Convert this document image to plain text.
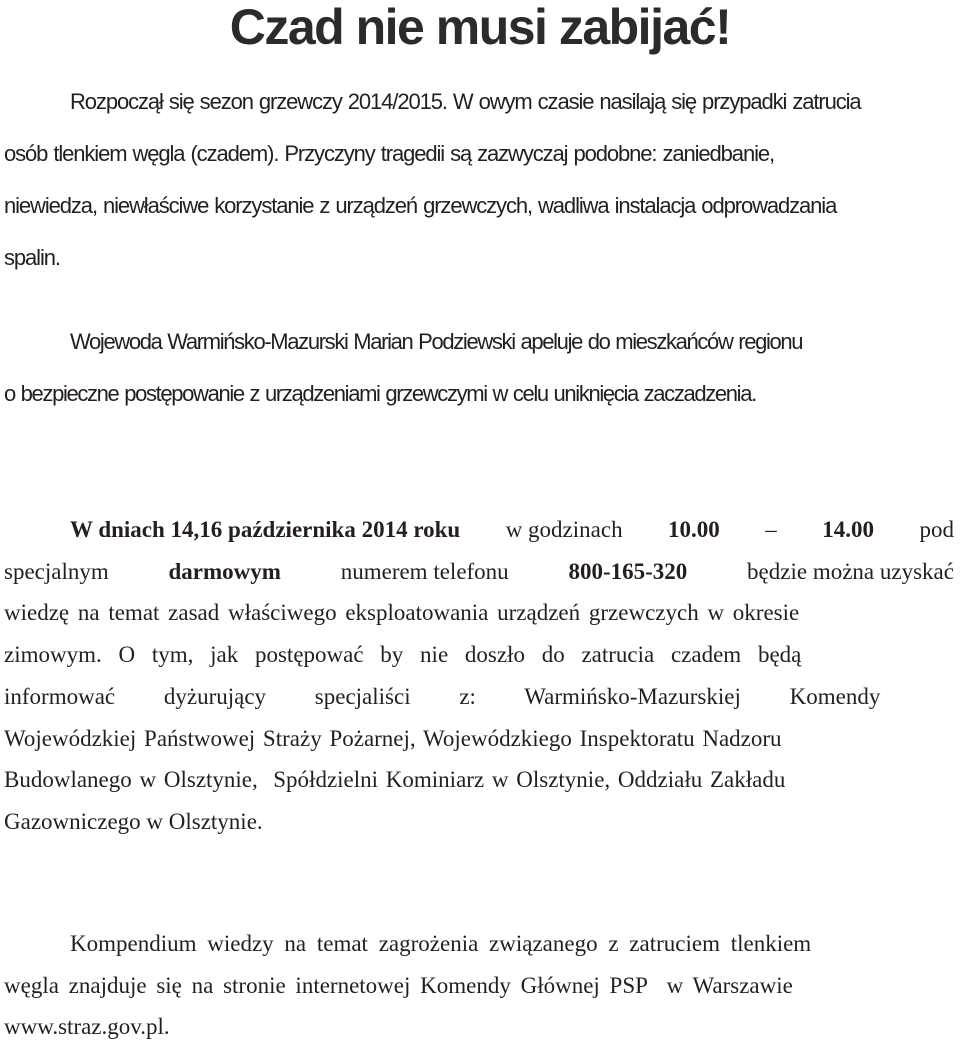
Czad nie musi zabijać!
Rozpoczął się sezon grzewczy 2014/2015. W owym czasie nasilają się przypadki zatrucia
osób tlenkiem węgla (czadem). Przyczyny tragedii są zazwyczaj podobne: zaniedbanie,
niewiedza, niewłaściwe korzystanie z urządzeń grzewczych, wadliwa instalacja odprowadzania
spalin.
Wojewoda Warmińsko-Mazurski Marian Podziewski apeluje do mieszkańców regionu
o bezpieczne postępowanie z urządzeniami grzewczymi w celu uniknięcia zaczadzenia.
W dniach 14,16 października 2014 roku w godzinach 10.00 – 14.00 pod
specjalnym	darmowym	numerem telefonu	800-165-320	będzie można uzyskać
wiedzę na temat zasad właściwego eksploatowania urządzeń grzewczych w okresie
zimowym. O tym, jak postępować by nie doszło do zatrucia czadem będą
informować dyżurujący specjaliści z: Warmińsko-Mazurskiej Komendy
Wojewódzkiej Państwowej Straży Pożarnej, Wojewódzkiego Inspektoratu Nadzoru
Budowlanego w Olsztynie,  Spółdzielni Kominiarz w Olsztynie, Oddziału Zakładu
Gazowniczego w Olsztynie.
Kompendium wiedzy na temat zagrożenia związanego z zatruciem tlenkiem
węgla znajduje się na stronie internetowej Komendy Głównej PSP  w Warszawie
www.straz.gov.pl.
